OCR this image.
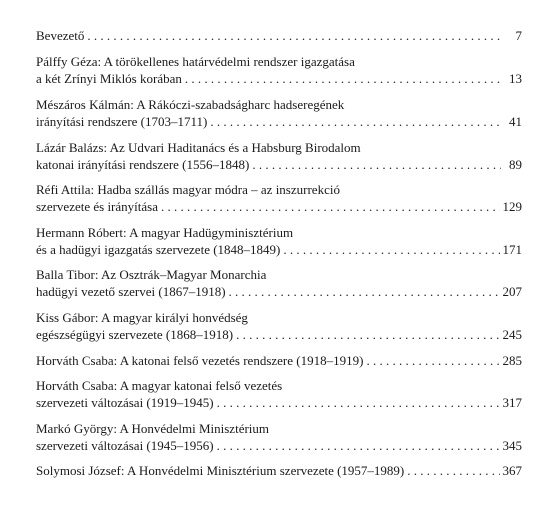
Bevezető . . .	7
Pálffy Géza: A törökellenes határvédelmi rendszer igazgatása
a két Zrínyi Miklós korában . . .	13
Mészáros Kálmán: A Rákóczi-szabadságharc hadseregének
irányítási rendszere (1703–1711) . . .	41
Lázár Balázs: Az Udvari Haditanács és a Habsburg Birodalom
katonai irányítási rendszere (1556–1848) . . .	89
Réfi Attila: Hadba szállás magyar módra – az inszurrekció
szervezete és irányítása . . .	129
Hermann Róbert: A magyar Hadügyminisztérium
és a hadügyi igazgatás szervezete (1848–1849) . . .	171
Balla Tibor: Az Osztrák–Magyar Monarchia
hadügyi vezető szervei (1867–1918) . . .	207
Kiss Gábor: A magyar királyi honvédség
egészségügyi szervezete (1868–1918) . . .	245
Horváth Csaba: A katonai felső vezetés rendszere (1918–1919) . . .	285
Horváth Csaba: A magyar katonai felső vezetés
szervezeti változásai (1919–1945) . . .	317
Markó György: A Honvédelmi Minisztérium
szervezeti változásai (1945–1956) . . .	345
Solymosi József: A Honvédelmi Minisztérium szervezete (1957–1989) . . .	367
